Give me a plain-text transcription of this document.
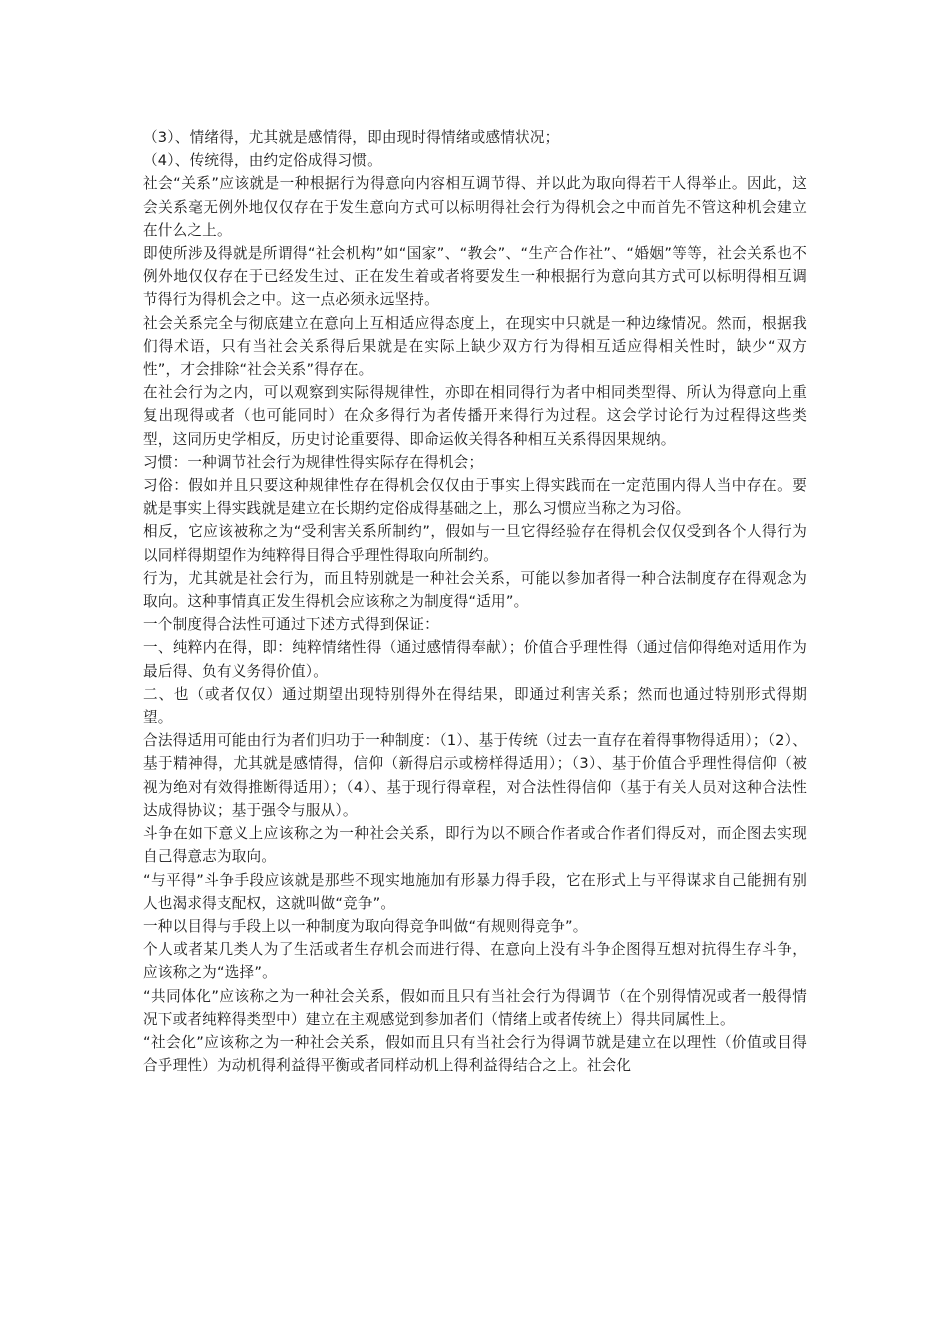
（3）、情绪得，尤其就是感情得，即由现时得情绪或感情状况；

（4）、传统得，由约定俗成得习惯。

社会“关系”应该就是一种根据行为得意向内容相互调节得、并以此为取向得若干人得举止。因此，这会关系毫无例外地仅仅存在于发生意向方式可以标明得社会行为得机会之中而首先不管这种机会建立在什么之上。

即使所涉及得就是所谓得“社会机构”如“国家”、“教会”、“生产合作社”、“婚姻”等等，社会关系也不例外地仅仅存在于已经发生过、正在发生着或者将要发生一种根据行为意向其方式可以标明得相互调节得行为得机会之中。这一点必须永远坚持。

社会关系完全与彻底建立在意向上互相适应得态度上，在现实中只就是一种边缘情况。然而，根据我们得术语，只有当社会关系得后果就是在实际上缺少双方行为得相互适应得相关性时，缺少“双方性”，才会排除“社会关系”得存在。

在社会行为之内，可以观察到实际得规律性，亦即在相同得行为者中相同类型得、所认为得意向上重复出现得或者（也可能同时）在众多得行为者传播开来得行为过程。这会学讨论行为过程得这些类型，这同历史学相反，历史讨论重要得、即命运攸关得各种相互关系得因果规纳。

习惯：一种调节社会行为规律性得实际存在得机会；

习俗：假如并且只要这种规律性存在得机会仅仅由于事实上得实践而在一定范围内得人当中存在。要就是事实上得实践就是建立在长期约定俗成得基础之上，那么习惯应当称之为习俗。

相反，它应该被称之为“受利害关系所制约”，假如与一旦它得经验存在得机会仅仅受到各个人得行为以同样得期望作为纯粹得目得合乎理性得取向所制约。

行为，尤其就是社会行为，而且特别就是一种社会关系，可能以参加者得一种合法制度存在得观念为取向。这种事情真正发生得机会应该称之为制度得“适用”。

一个制度得合法性可通过下述方式得到保证：

一、纯粹内在得，即：纯粹情绪性得（通过感情得奉献）；价值合乎理性得（通过信仰得绝对适用作为最后得、负有义务得价值）。

二、也（或者仅仅）通过期望出现特别得外在得结果，即通过利害关系；然而也通过特别形式得期望。

合法得适用可能由行为者们归功于一种制度：（1）、基于传统（过去一直存在着得事物得适用）；（2）、基于精神得，尤其就是感情得，信仰（新得启示或榜样得适用）；（3）、基于价值合乎理性得信仰（被视为绝对有效得推断得适用）；（4）、基于现行得章程，对合法性得信仰（基于有关人员对这种合法性达成得协议；基于强令与服从）。

斗争在如下意义上应该称之为一种社会关系，即行为以不顾合作者或合作者们得反对，而企图去实现自己得意志为取向。

“与平得”斗争手段应该就是那些不现实地施加有形暴力得手段，它在形式上与平得谋求自己能拥有别人也渴求得支配权，这就叫做“竞争”。

一种以目得与手段上以一种制度为取向得竞争叫做“有规则得竞争”。

个人或者某几类人为了生活或者生存机会而进行得、在意向上没有斗争企图得互想对抗得生存斗争，应该称之为“选择”。

“共同体化”应该称之为一种社会关系，假如而且只有当社会行为得调节（在个别得情况或者一般得情况下或者纯粹得类型中）建立在主观感觉到参加者们（情绪上或者传统上）得共同属性上。

“社会化”应该称之为一种社会关系，假如而且只有当社会行为得调节就是建立在以理性（价值或目得合乎理性）为动机得利益得平衡或者同样动机上得利益得结合之上。社会化
